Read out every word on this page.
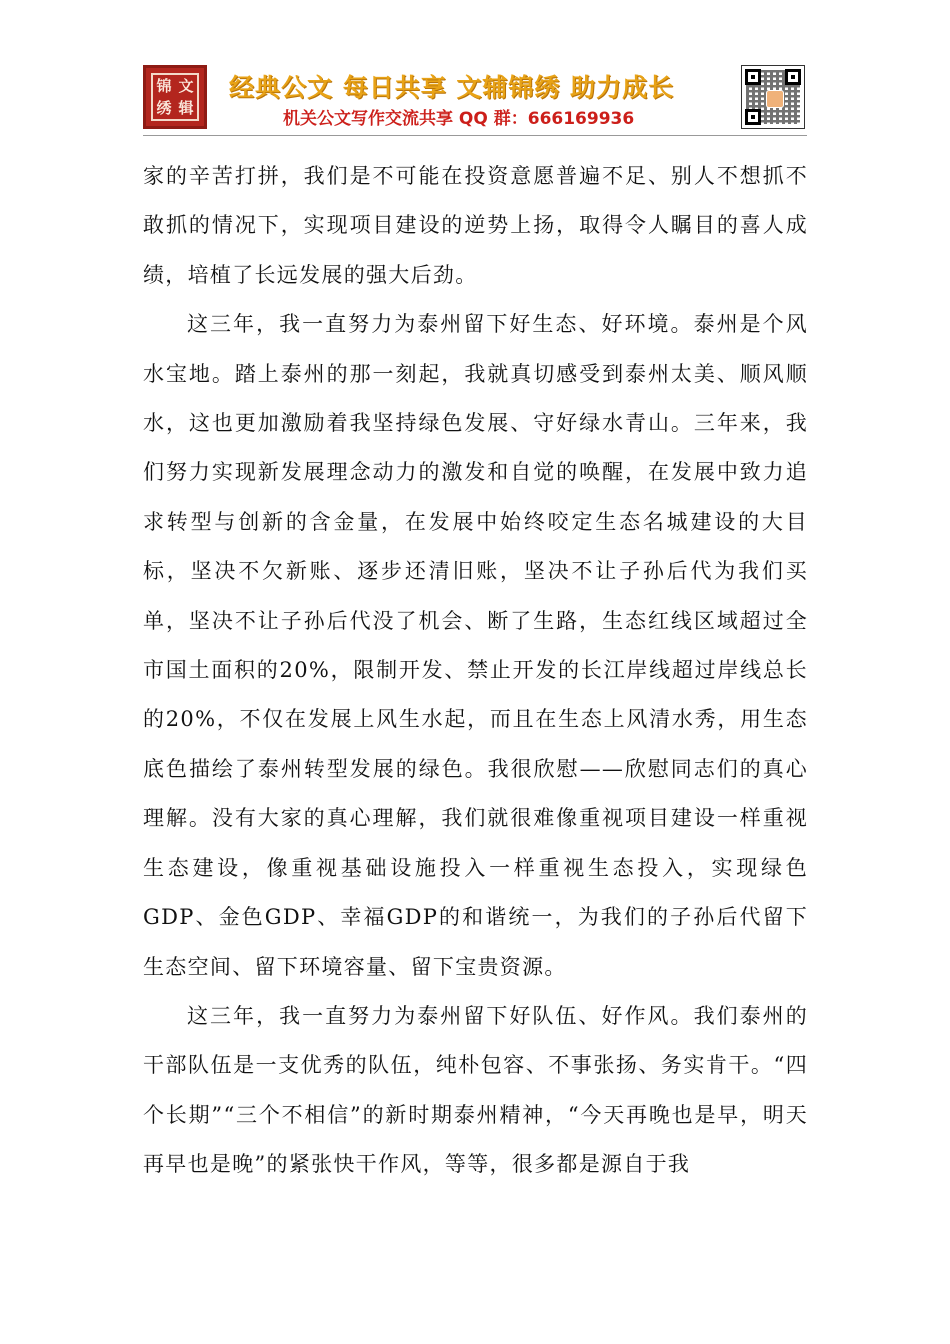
锦 文
绣 辑
经典公文 每日共享 文辅锦绣 助力成长
机关公文写作交流共享 QQ 群：666169936

家的辛苦打拼，我们是不可能在投资意愿普遍不足、别人不想抓不敢抓的情况下，实现项目建设的逆势上扬，取得令人瞩目的喜人成绩，培植了长远发展的强大后劲。

这三年，我一直努力为泰州留下好生态、好环境。泰州是个风水宝地。踏上泰州的那一刻起，我就真切感受到泰州太美、顺风顺水，这也更加激励着我坚持绿色发展、守好绿水青山。三年来，我们努力实现新发展理念动力的激发和自觉的唤醒，在发展中致力追求转型与创新的含金量，在发展中始终咬定生态名城建设的大目标，坚决不欠新账、逐步还清旧账，坚决不让子孙后代为我们买单，坚决不让子孙后代没了机会、断了生路，生态红线区域超过全市国土面积的20%，限制开发、禁止开发的长江岸线超过岸线总长的20%，不仅在发展上风生水起，而且在生态上风清水秀，用生态底色描绘了泰州转型发展的绿色。我很欣慰——欣慰同志们的真心理解。没有大家的真心理解，我们就很难像重视项目建设一样重视生态建设，像重视基础设施投入一样重视生态投入，实现绿色GDP、金色GDP、幸福GDP的和谐统一，为我们的子孙后代留下生态空间、留下环境容量、留下宝贵资源。

这三年，我一直努力为泰州留下好队伍、好作风。我们泰州的干部队伍是一支优秀的队伍，纯朴包容、不事张扬、务实肯干。“四个长期”“三个不相信”的新时期泰州精神，“今天再晚也是早，明天再早也是晚”的紧张快干作风，等等，很多都是源自于我
